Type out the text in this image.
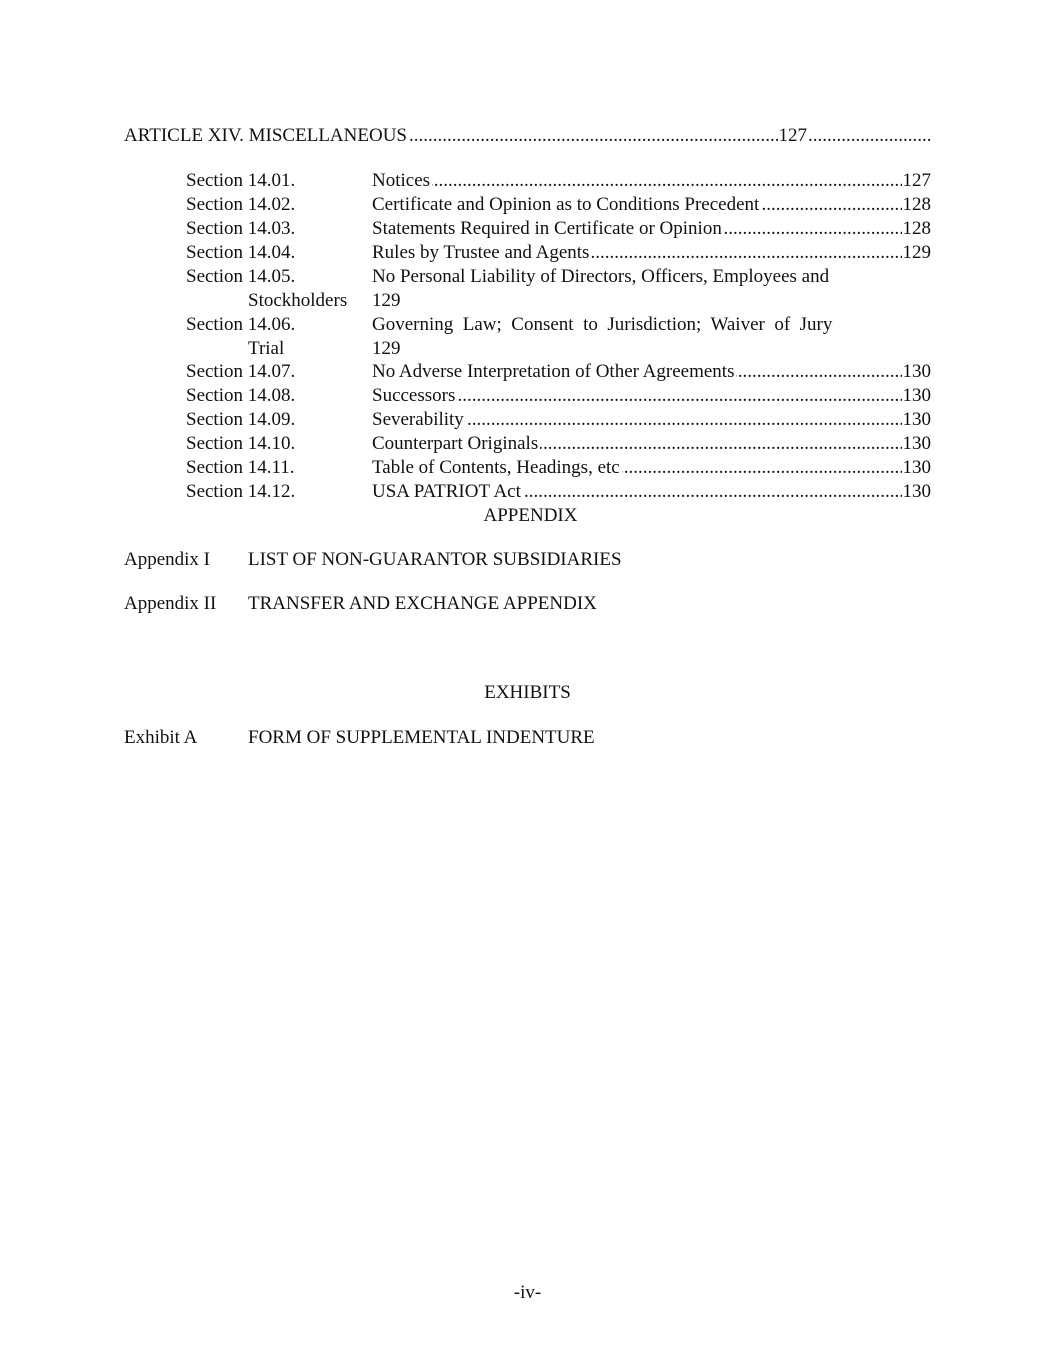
.....
ARTICLE XIV. MISCELLANEOUS	127
Section 14.01. .....	Notices	127
Section 14.02. .....	Certificate and Opinion as to Conditions Precedent	128
Section 14.03. .....	Statements Required in Certificate or Opinion	128
Section 14.04. .....	Rules by Trustee and Agents	129
Section 14.05.	No Personal Liability of Directors, Officers, Employees and
Stockholders 129
Section 14.06.	Governing  Law;  Consent  to  Jurisdiction;  Waiver  of  Jury
Trial	129
Section 14.07. .....	No Adverse Interpretation of Other Agreements	130
Section 14.08. .....	Successors	130
Section 14.09. .....	Severability	130
Section 14.10. .....	Counterpart Originals	130
Section 14.11. .....	Table of Contents, Headings, etc	130
Section 14.12. .....	USA PATRIOT Act	130
APPENDIX
Appendix I LIST OF NON-GUARANTOR SUBSIDIARIES
Appendix II TRANSFER AND EXCHANGE APPENDIX
EXHIBITS
Exhibit A	FORM OF SUPPLEMENTAL INDENTURE
-iv-
